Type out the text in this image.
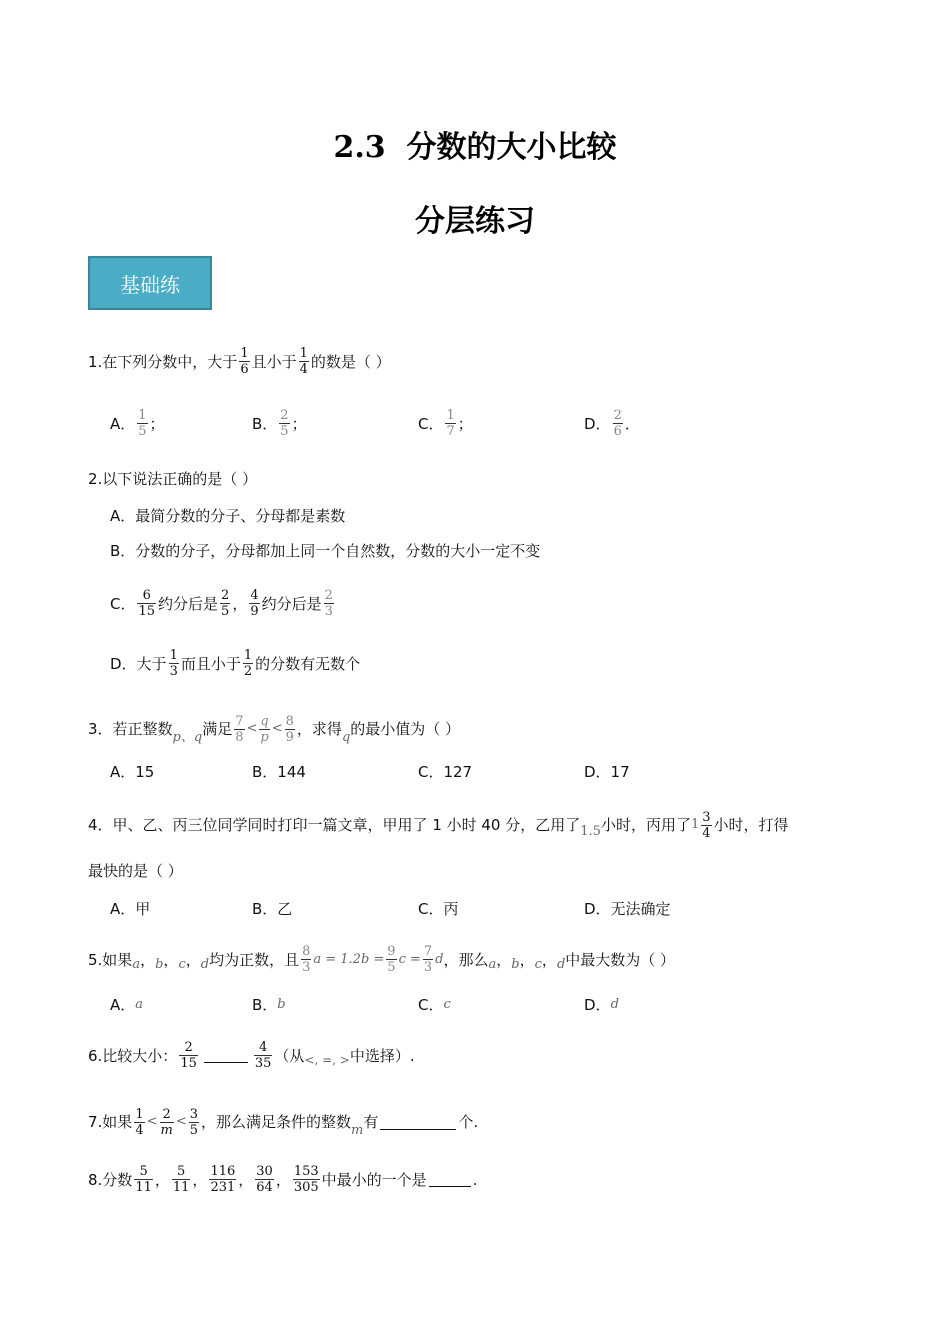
2.3 分数的大小比较
分层练习
基础练
1.在下列分数中，大于 $\frac{1}{6}$ 且小于 $\frac{1}{4}$ 的数是（ ）
A． $\frac{1}{5}$ ；	B． $\frac{2}{5}$ ；	C． $\frac{1}{7}$ ；	D． $\frac{2}{6}$ ．
2.以下说法正确的是（ ）
A．最简分数的分子、分母都是素数
B．分数的分子，分母都加上同一个自然数，分数的大小一定不变
C． $\frac{6}{15}$ 约分后是 $\frac{2}{5}$ ， $\frac{4}{9}$ 约分后是 $\frac{2}{3}$
D．大于 $\frac{1}{3}$ 而且小于 $\frac{1}{2}$ 的分数有无数个
3．若正整数 p、q 满足 $\frac{7}{8} < \frac{q}{p} < \frac{8}{9}$ ，求得 q 的最小值为（ ）
A．15	B．144	C．127	D．17
4．甲、乙、丙三位同学同时打印一篇文章，甲用了 1 小时 40 分，乙用了 1.5 小时，丙用了 $1 \frac{3}{4}$ 小时，打得
最快的是（ ）
A．甲	B．乙	C．丙	D．无法确定
5.如果 a ， b ， c ， d 均为正数，且 $\frac{8}{3}$ $a = 1.2b = \frac{9}{5}$ $c = \frac{7}{3}$ d ，那么 a ， b ， c ， d 中最大数为（ ）
A． a	B． b	C． c	D． d
6.比较大小： $\frac{2}{15}$	$\frac{4}{35}$ （从 <, =, > 中选择）.
7.如果 $\frac{1}{4} < \frac{2}{m} < \frac{3}{5}$ ，那么满足条件的整数 m 有	个.
8.分数 $\frac{5}{11}$ ， $\frac{5}{11}$ ， $\frac{116}{231}$ ， $\frac{30}{64}$ ， $\frac{153}{305}$ 中最小的一个是	.
